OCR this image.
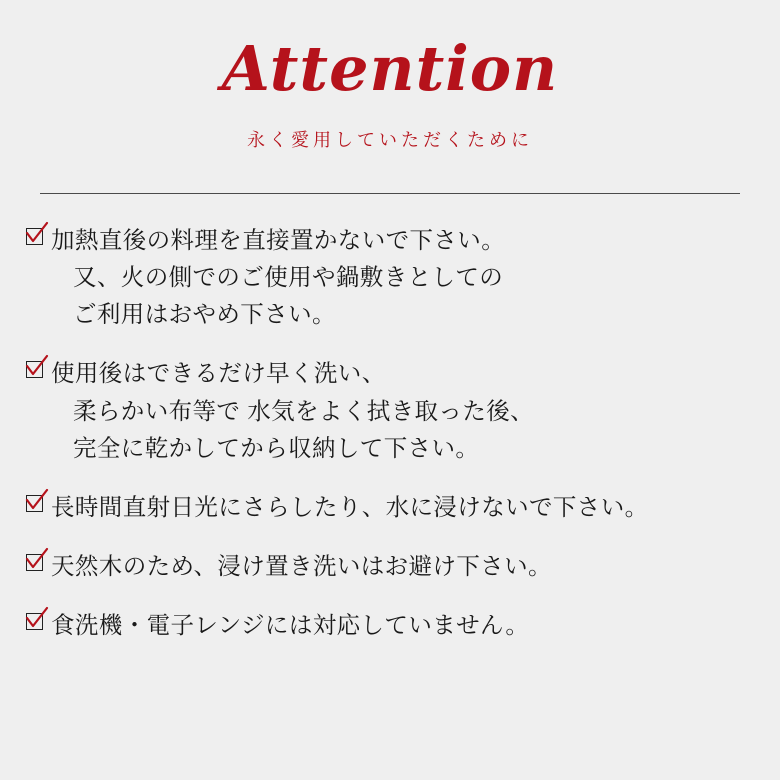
Attention

永く愛用していただくために

加熱直後の料理を直接置かないで下さい。
又、火の側でのご使用や鍋敷きとしての
ご利用はおやめ下さい。
使用後はできるだけ早く洗い、
柔らかい布等で 水気をよく拭き取った後、
完全に乾かしてから収納して下さい。
長時間直射日光にさらしたり、水に浸けないで下さい。
天然木のため、浸け置き洗いはお避け下さい。
食洗機・電子レンジには対応していません。
